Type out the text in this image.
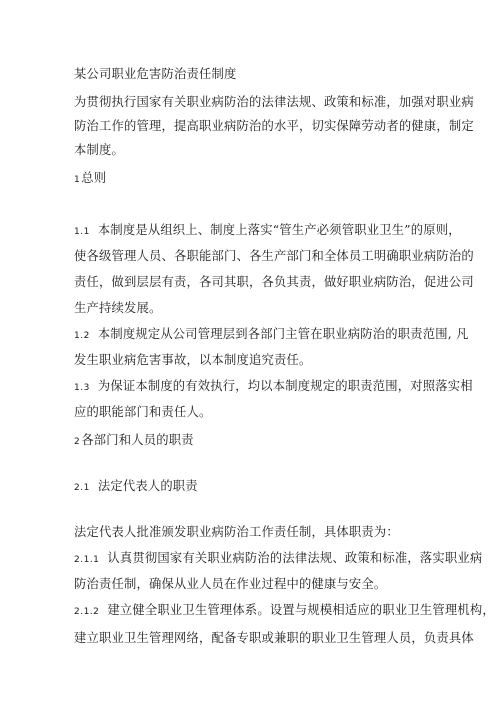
某公司职业危害防治责任制度

为贯彻执行国家有关职业病防治的法律法规、政策和标准，加强对职业病

防治工作的管理，提高职业病防治的水平，切实保障劳动者的健康，制定

本制度。

1总则

1.1 本制度是从组织上、制度上落实“管生产必须管职业卫生”的原则，

使各级管理人员、各职能部门、各生产部门和全体员工明确职业病防治的

责任，做到层层有责，各司其职，各负其责，做好职业病防治，促进公司

生产持续发展。

1.2 本制度规定从公司管理层到各部门主管在职业病防治的职责范围, 凡

发生职业病危害事故，以本制度追究责任。

1.3 为保证本制度的有效执行，均以本制度规定的职责范围，对照落实相

应的职能部门和责任人。

2各部门和人员的职责

2.1 法定代表人的职责

法定代表人批准颁发职业病防治工作责任制，具体职责为：

2.1.1 认真贯彻国家有关职业病防治的法律法规、政策和标准，落实职业病

防治责任制，确保从业人员在作业过程中的健康与安全。

2.1.2 建立健全职业卫生管理体系。设置与规模相适应的职业卫生管理机构，

建立职业卫生管理网络，配备专职或兼职的职业卫生管理人员，负责具体
